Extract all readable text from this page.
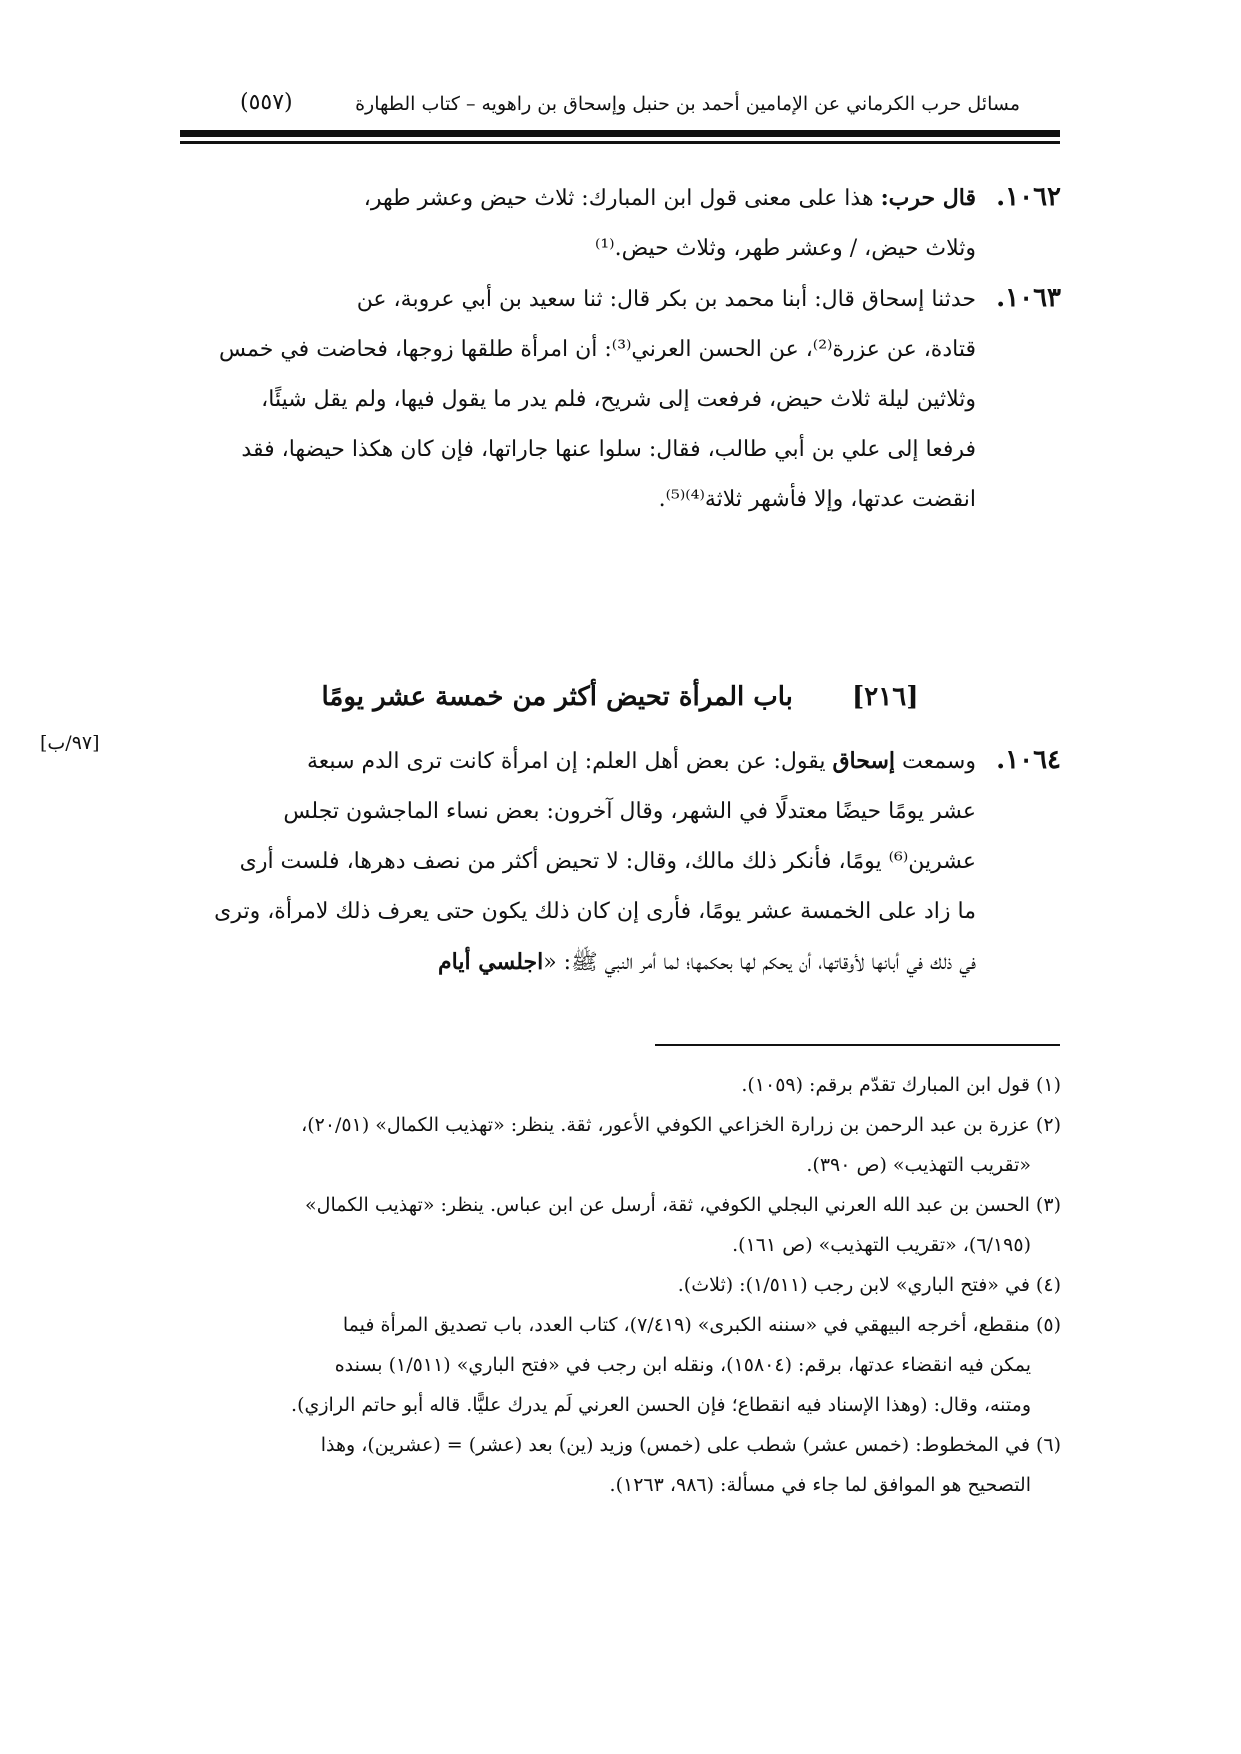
مسائل حرب الكرماني عن الإمامين أحمد بن حنبل وإسحاق بن راهويه – كتاب الطهارة
(٥٥٧)
١٠٦٢.قال حرب: هذا على معنى قول ابن المبارك: ثلاث حيض وعشر طهر،
وثلاث حيض، / وعشر طهر، وثلاث حيض.⁽¹⁾
١٠٦٣.حدثنا إسحاق قال: أبنا محمد بن بكر قال: ثنا سعيد بن أبي عروبة، عن
قتادة، عن عزرة⁽²⁾، عن الحسن العرني⁽³⁾: أن امرأة طلقها زوجها، فحاضت في خمس
وثلاثين ليلة ثلاث حيض، فرفعت إلى شريح، فلم يدر ما يقول فيها، ولم يقل شيئًا،
فرفعا إلى علي بن أبي طالب، فقال: سلوا عنها جاراتها، فإن كان هكذا حيضها، فقد
انقضت عدتها، وإلا فأشهر ثلاثة⁽⁴⁾⁽⁵⁾.
[٢١٦] باب المرأة تحيض أكثر من خمسة عشر يومًا
[٩٧/ب]
١٠٦٤.وسمعت إسحاق يقول: عن بعض أهل العلم: إن امرأة كانت ترى الدم سبعة
عشر يومًا حيضًا معتدلًا في الشهر، وقال آخرون: بعض نساء الماجشون تجلس
عشرين⁽⁶⁾ يومًا، فأنكر ذلك مالك، وقال: لا تحيض أكثر من نصف دهرها، فلست أرى
ما زاد على الخمسة عشر يومًا، فأرى إن كان ذلك يكون حتى يعرف ذلك لامرأة، وترى
في ذلك في أبانها لأوقاتها، أن يحكم لها بحكمها؛ لما أمر النبي ﷺ: «اجلسي أيام
(١) قول ابن المبارك تقدّم برقم: (١٠٥٩).
(٢) عزرة بن عبد الرحمن بن زرارة الخزاعي الكوفي الأعور، ثقة. ينظر: «تهذيب الكمال» (٢٠/٥١)،
«تقريب التهذيب» (ص ٣٩٠).
(٣) الحسن بن عبد الله العرني البجلي الكوفي، ثقة، أرسل عن ابن عباس. ينظر: «تهذيب الكمال»
(٦/١٩٥)، «تقريب التهذيب» (ص ١٦١).
(٤) في «فتح الباري» لابن رجب (١/٥١١): (ثلاث).
(٥) منقطع، أخرجه البيهقي في «سننه الكبرى» (٧/٤١٩)، كتاب العدد، باب تصديق المرأة فيما
يمكن فيه انقضاء عدتها، برقم: (١٥٨٠٤)، ونقله ابن رجب في «فتح الباري» (١/٥١١) بسنده
ومتنه، وقال: (وهذا الإسناد فيه انقطاع؛ فإن الحسن العرني لَم يدرك عليًّا. قاله أبو حاتم الرازي).
(٦) في المخطوط: (خمس عشر) شطب على (خمس) وزيد (ين) بعد (عشر) = (عشرين)، وهذا
التصحيح هو الموافق لما جاء في مسألة: (٩٨٦، ١٢٦٣).
